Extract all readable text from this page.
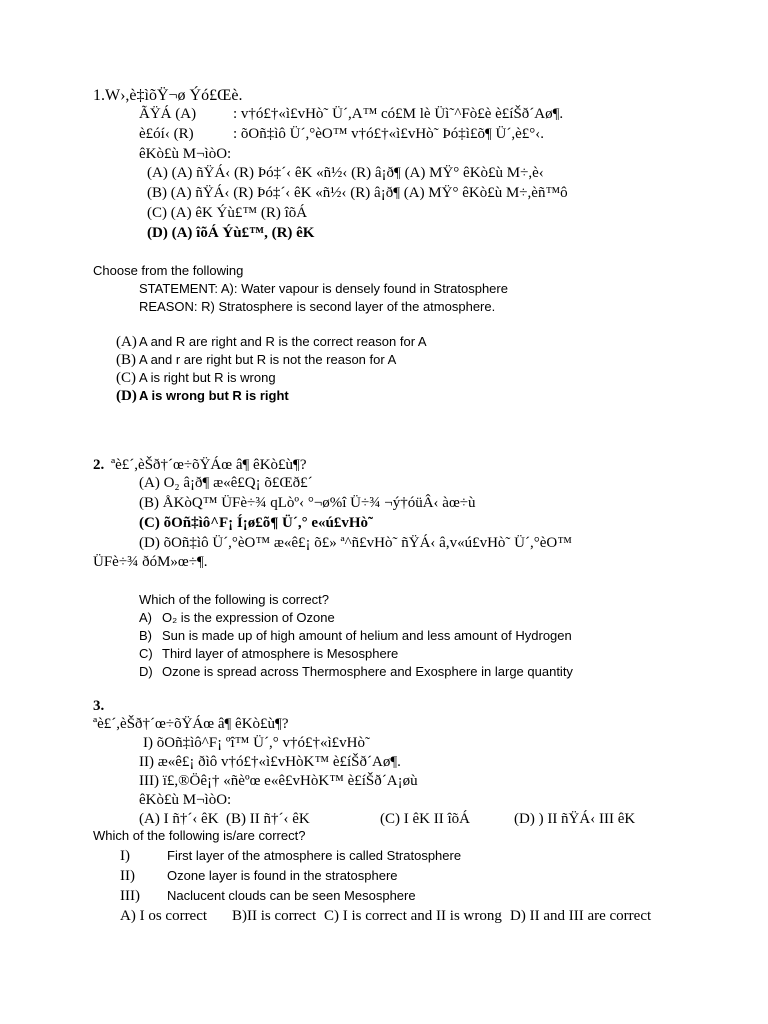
1.W›,è‡ìõŸ¬ø Ýó£Œè.
ÃŸÁ (A) : v†ó£†«ì£vHò˜ Ü´,A™ có£M lè Üì˜^Fò£è è£íŠð´Aø¶.
è£óí‹ (R)	: õOñ‡ìô Ü´,°èO™ v†ó£†«ì£vHò˜ Þó‡ì£õ¶ Ü´,è£°‹.
êKò£ù M¬ìòO:
(A) (A) ñŸÁ‹ (R) Þó‡´‹ êK «ñ½‹ (R) â¡ð¶ (A) MŸ° êKò£ù M÷,è‹
(B) (A) ñŸÁ‹ (R) Þó‡´‹ êK «ñ½‹ (R) â¡ð¶ (A) MŸ° êKò£ù M÷,èñ™ô
(C) (A) êK Ýù£™ (R) îõÁ
(D) (A) îõÁ Ýù£™, (R) êK
Choose from the following
STATEMENT: A): Water vapour is densely found in Stratosphere
REASON: R) Stratosphere is second layer of the atmosphere.
(A) A and R are right and R is the correct reason for A
(B) A and r are right but R is not the reason for A
(C) A is right but R is wrong
(D) A is wrong but R is right
2. ªè£´,èŠð†´œ÷õŸÁœ â¶ êKò£ù¶?
(A) O₂ â¡ð¶ æ«ê£Q¡ õ£Œð£´
(B) ÅKòQ™ ÜFè÷¾ qLòº‹ °¬ø%î Ü÷¾ ¬ý†óüÂ‹ àœ÷ù
(C) õOñ‡ìô^F¡ Í¡ø£õ¶ Ü´,° e«ú£vHò˜
(D) õOñ‡ìô Ü´,°èO™ æ«ê£¡ õ£» ª^ñ£vHò˜ ñŸÁ‹ â,v«ú£vHò˜ Ü´,°èO™
ÜFè÷¾ ðóM»œ÷¶.
Which of the following is correct?
A) O₂ is the expression of Ozone
B) Sun is made up of high amount of helium and less amount of Hydrogen
C) Third layer of atmosphere is Mesosphere
D) Ozone is spread across Thermosphere and Exosphere in large quantity
3.
ªè£´,èŠð†´œ÷õŸÁœ â¶ êKò£ù¶?
I) õOñ‡ìô^F¡ ºî™ Ü´,° v†ó£†«ì£vHò˜
II) æ«ê£¡ ðìô v†ó£†«ì£vHòK™ è£íŠð´Aø¶.
III) ï£,®Öê¡† «ñèºœ e«ê£vHòK™ è£íŠð´A¡øù
êKò£ù M¬ìòO:
(A) I ñ†´‹ êK (B) II ñ†´‹ êK	(C) I êK II îõÁ	(D) ) II ñŸÁ‹ III êK
Which of the following is/are correct?
I)	First layer of the atmosphere is called Stratosphere
II) Ozone layer is found in the stratosphere
III) Naclucent clouds can be seen Mesosphere
A) I os correct B)II is correct C) I is correct and II is wrong D) II and III are correct
